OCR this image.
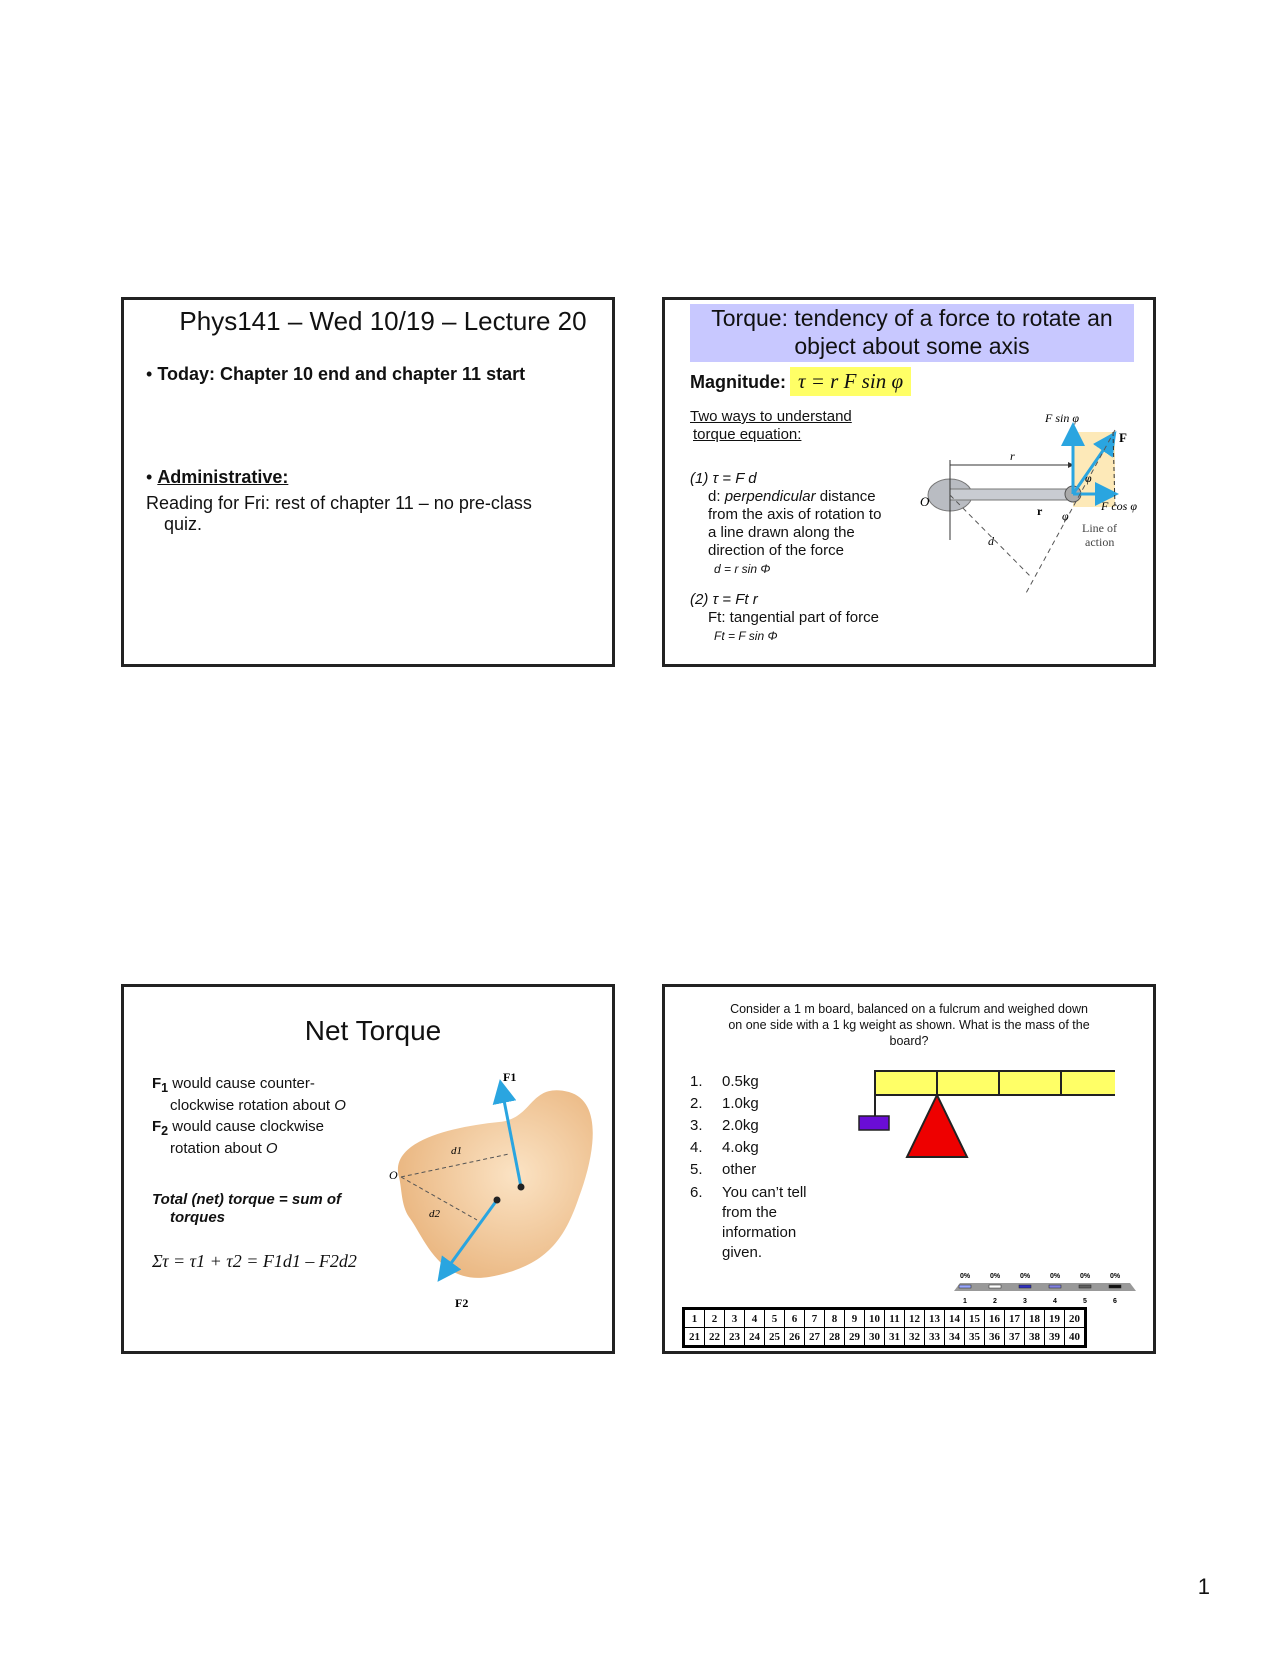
Phys141 – Wed 10/19 – Lecture 20
• Today: Chapter 10 end and chapter 11 start
• Administrative:
Reading for Fri: rest of chapter 11 – no pre-class
quiz.
Torque: tendency of a force to rotate an
object about some axis
Magnitude: τ = r F sin φ
Two ways to understand
torque equation:
(1) τ = F d
d: perpendicular distance
from the axis of rotation to
a line drawn along the
direction of the force
d = r sin Φ
(2) τ = Ft r
Ft: tangential part of force
Ft = F sin Φ
F sin φ
F
r
O
φ
r	F cos φ
φ
Line of
action
d
Net Torque
$F_1$ would cause counter-
clockwise rotation about O
$F_2$ would cause clockwise
rotation about O
Total (net) torque = sum of
torques
Στ = τ1 + τ2 = F1d1 – F2d2
F1
F2
d1
d2
O
Consider a 1 m board, balanced on a fulcrum and weighed down
on one side with a 1 kg weight as shown. What is the mass of the
board?
1.	0.5kg
2.	1.0kg
3.	2.0kg
4.	4.okg
5.	other
6.	You can’t tell from the information given.
0%
1
0%
2
0%
3
0%
4
0%
5
0%
6
1	2	3	4	5	6	7	8	9	10	11	12	13	14	15	16	17	18	19	20
21	22	23	24	25	26	27	28	29	30	31	32	33	34	35	36	37	38	39	40
1
